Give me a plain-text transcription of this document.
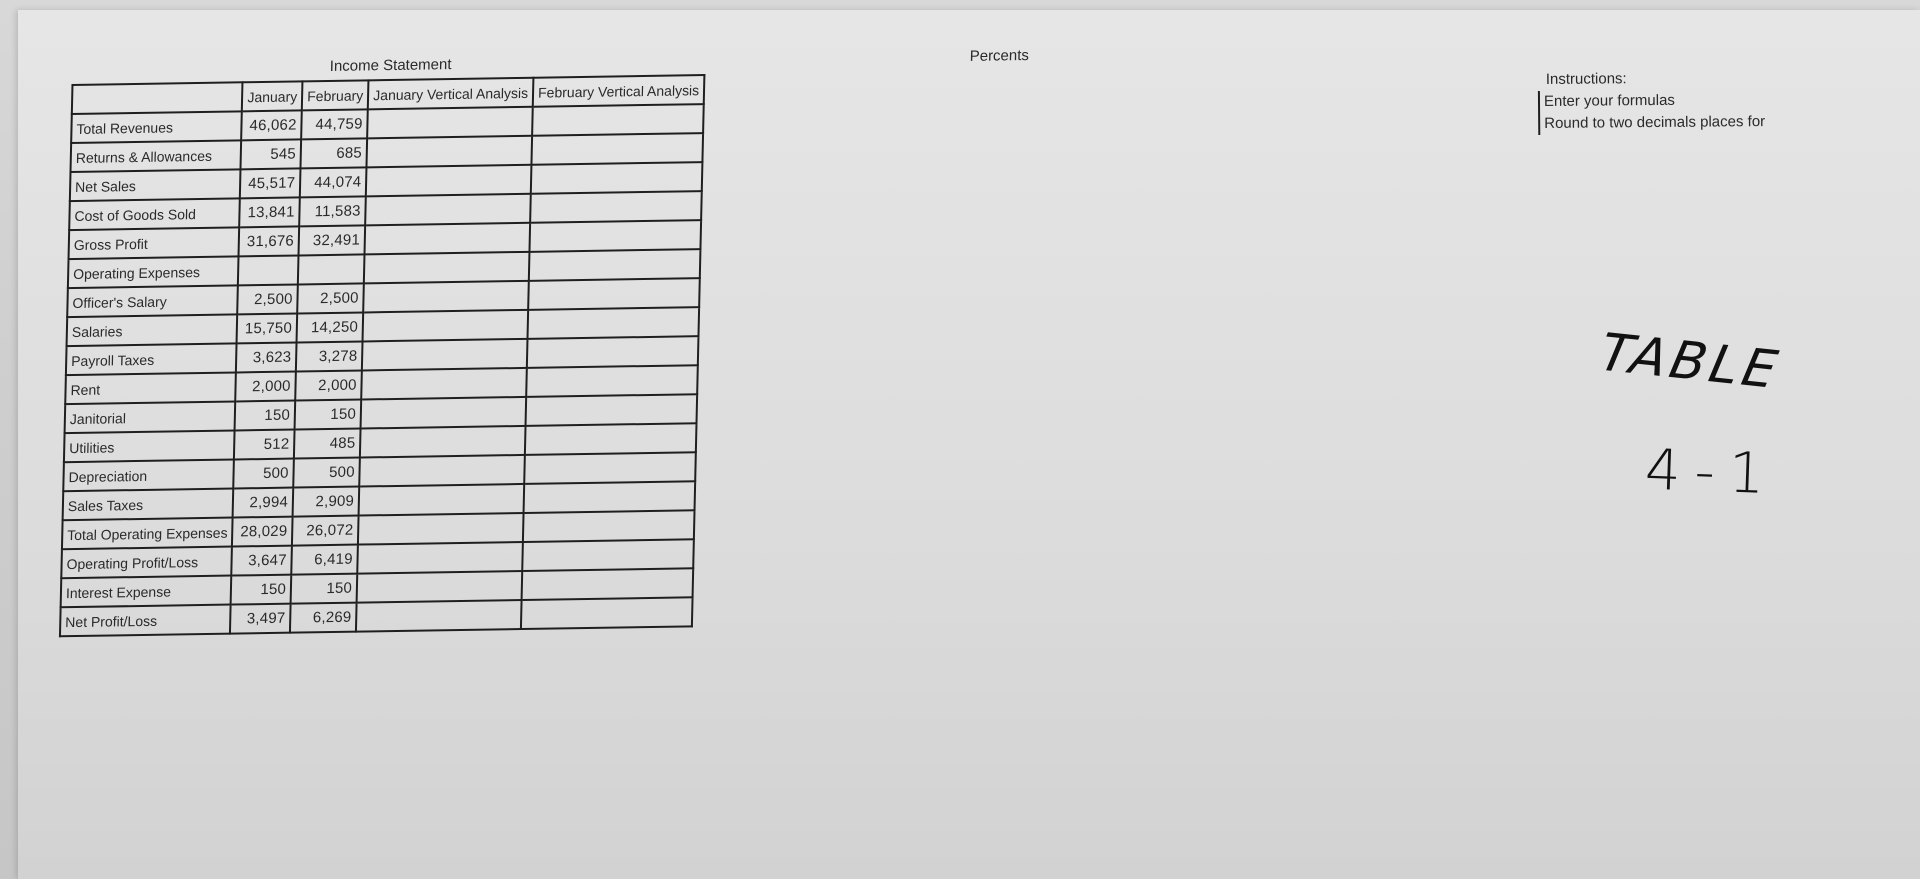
Income Statement
Percents
	January	February	January Vertical Analysis	February Vertical Analysis
Total Revenues	46,062	44,759		
Returns & Allowances	545	685		
Net Sales	45,517	44,074		
Cost of Goods Sold	13,841	11,583		
Gross Profit	31,676	32,491		
Operating Expenses				
Officer's Salary	2,500	2,500		
Salaries	15,750	14,250		
Payroll Taxes	3,623	3,278		
Rent	2,000	2,000		
Janitorial	150	150		
Utilities	512	485		
Depreciation	500	500		
Sales Taxes	2,994	2,909		
Total Operating Expenses	28,029	26,072		
Operating Profit/Loss	3,647	6,419		
Interest Expense	150	150		
Net Profit/Loss	3,497	6,269		
Instructions:
Enter your formulas
Round to two decimals places for
TABLE
4-1
